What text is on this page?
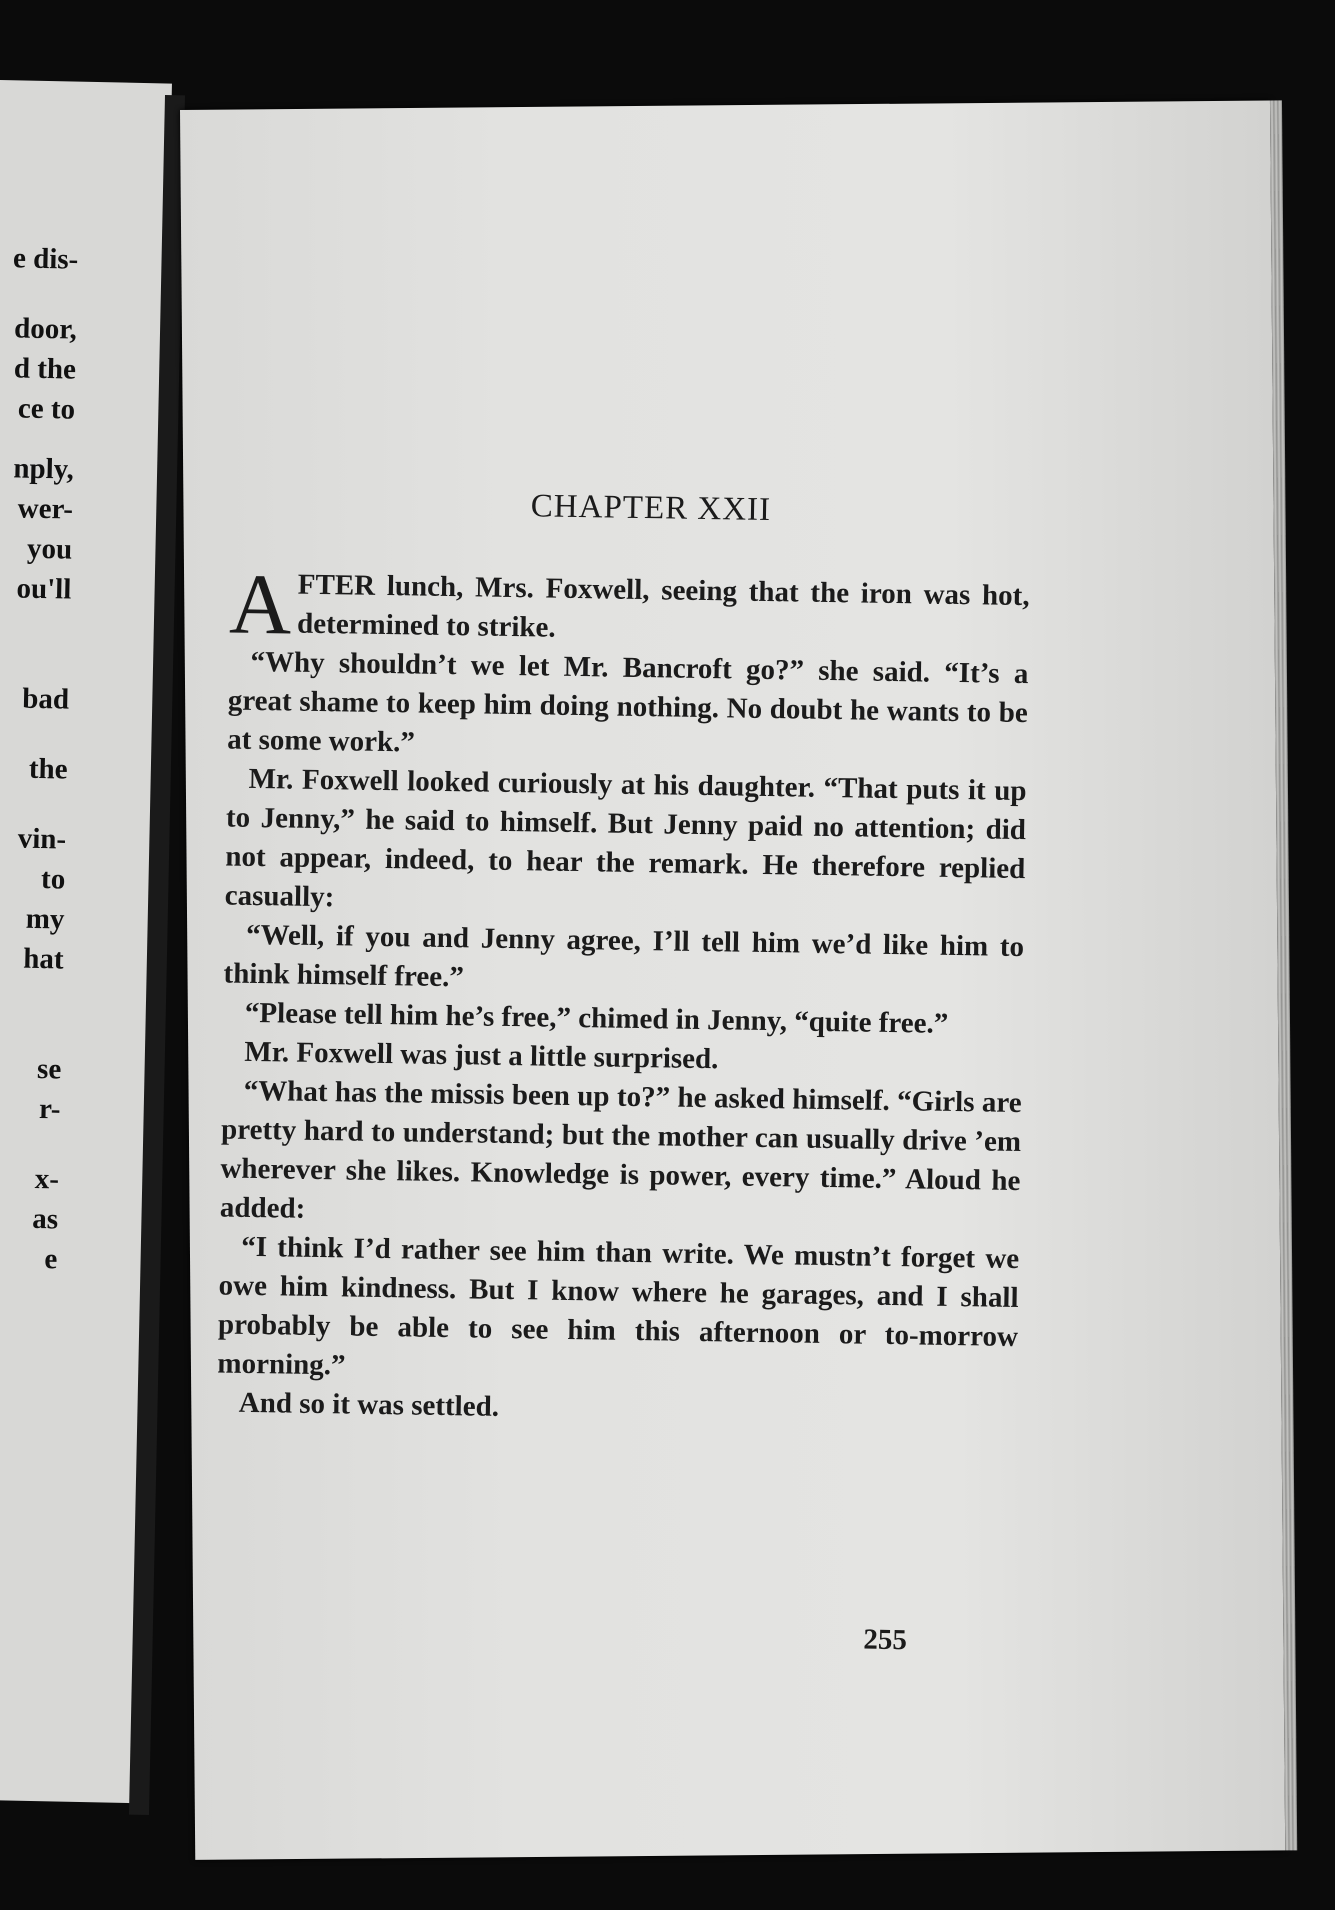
e dis-
door,
d the
ce to
nply,
wer-
you
ou'll
bad
the
vin-
to
my
hat
se
r-
x-
as
e
CHAPTER XXII

AFTER lunch, Mrs. Foxwell, seeing that the iron was hot, determined to strike.

“Why shouldn’t we let Mr. Bancroft go?” she said. “It’s a great shame to keep him doing nothing. No doubt he wants to be at some work.”

Mr. Foxwell looked curiously at his daughter. “That puts it up to Jenny,” he said to himself. But Jenny paid no attention; did not appear, indeed, to hear the remark. He therefore replied casually:

“Well, if you and Jenny agree, I’ll tell him we’d like him to think himself free.”

“Please tell him he’s free,” chimed in Jenny, “quite free.”

Mr. Foxwell was just a little surprised.

“What has the missis been up to?” he asked himself. “Girls are pretty hard to understand; but the mother can usually drive ’em wherever she likes. Knowledge is power, every time.” Aloud he added:

“I think I’d rather see him than write. We mustn’t forget we owe him kindness. But I know where he garages, and I shall probably be able to see him this afternoon or to-morrow morning.”

And so it was settled.

255
